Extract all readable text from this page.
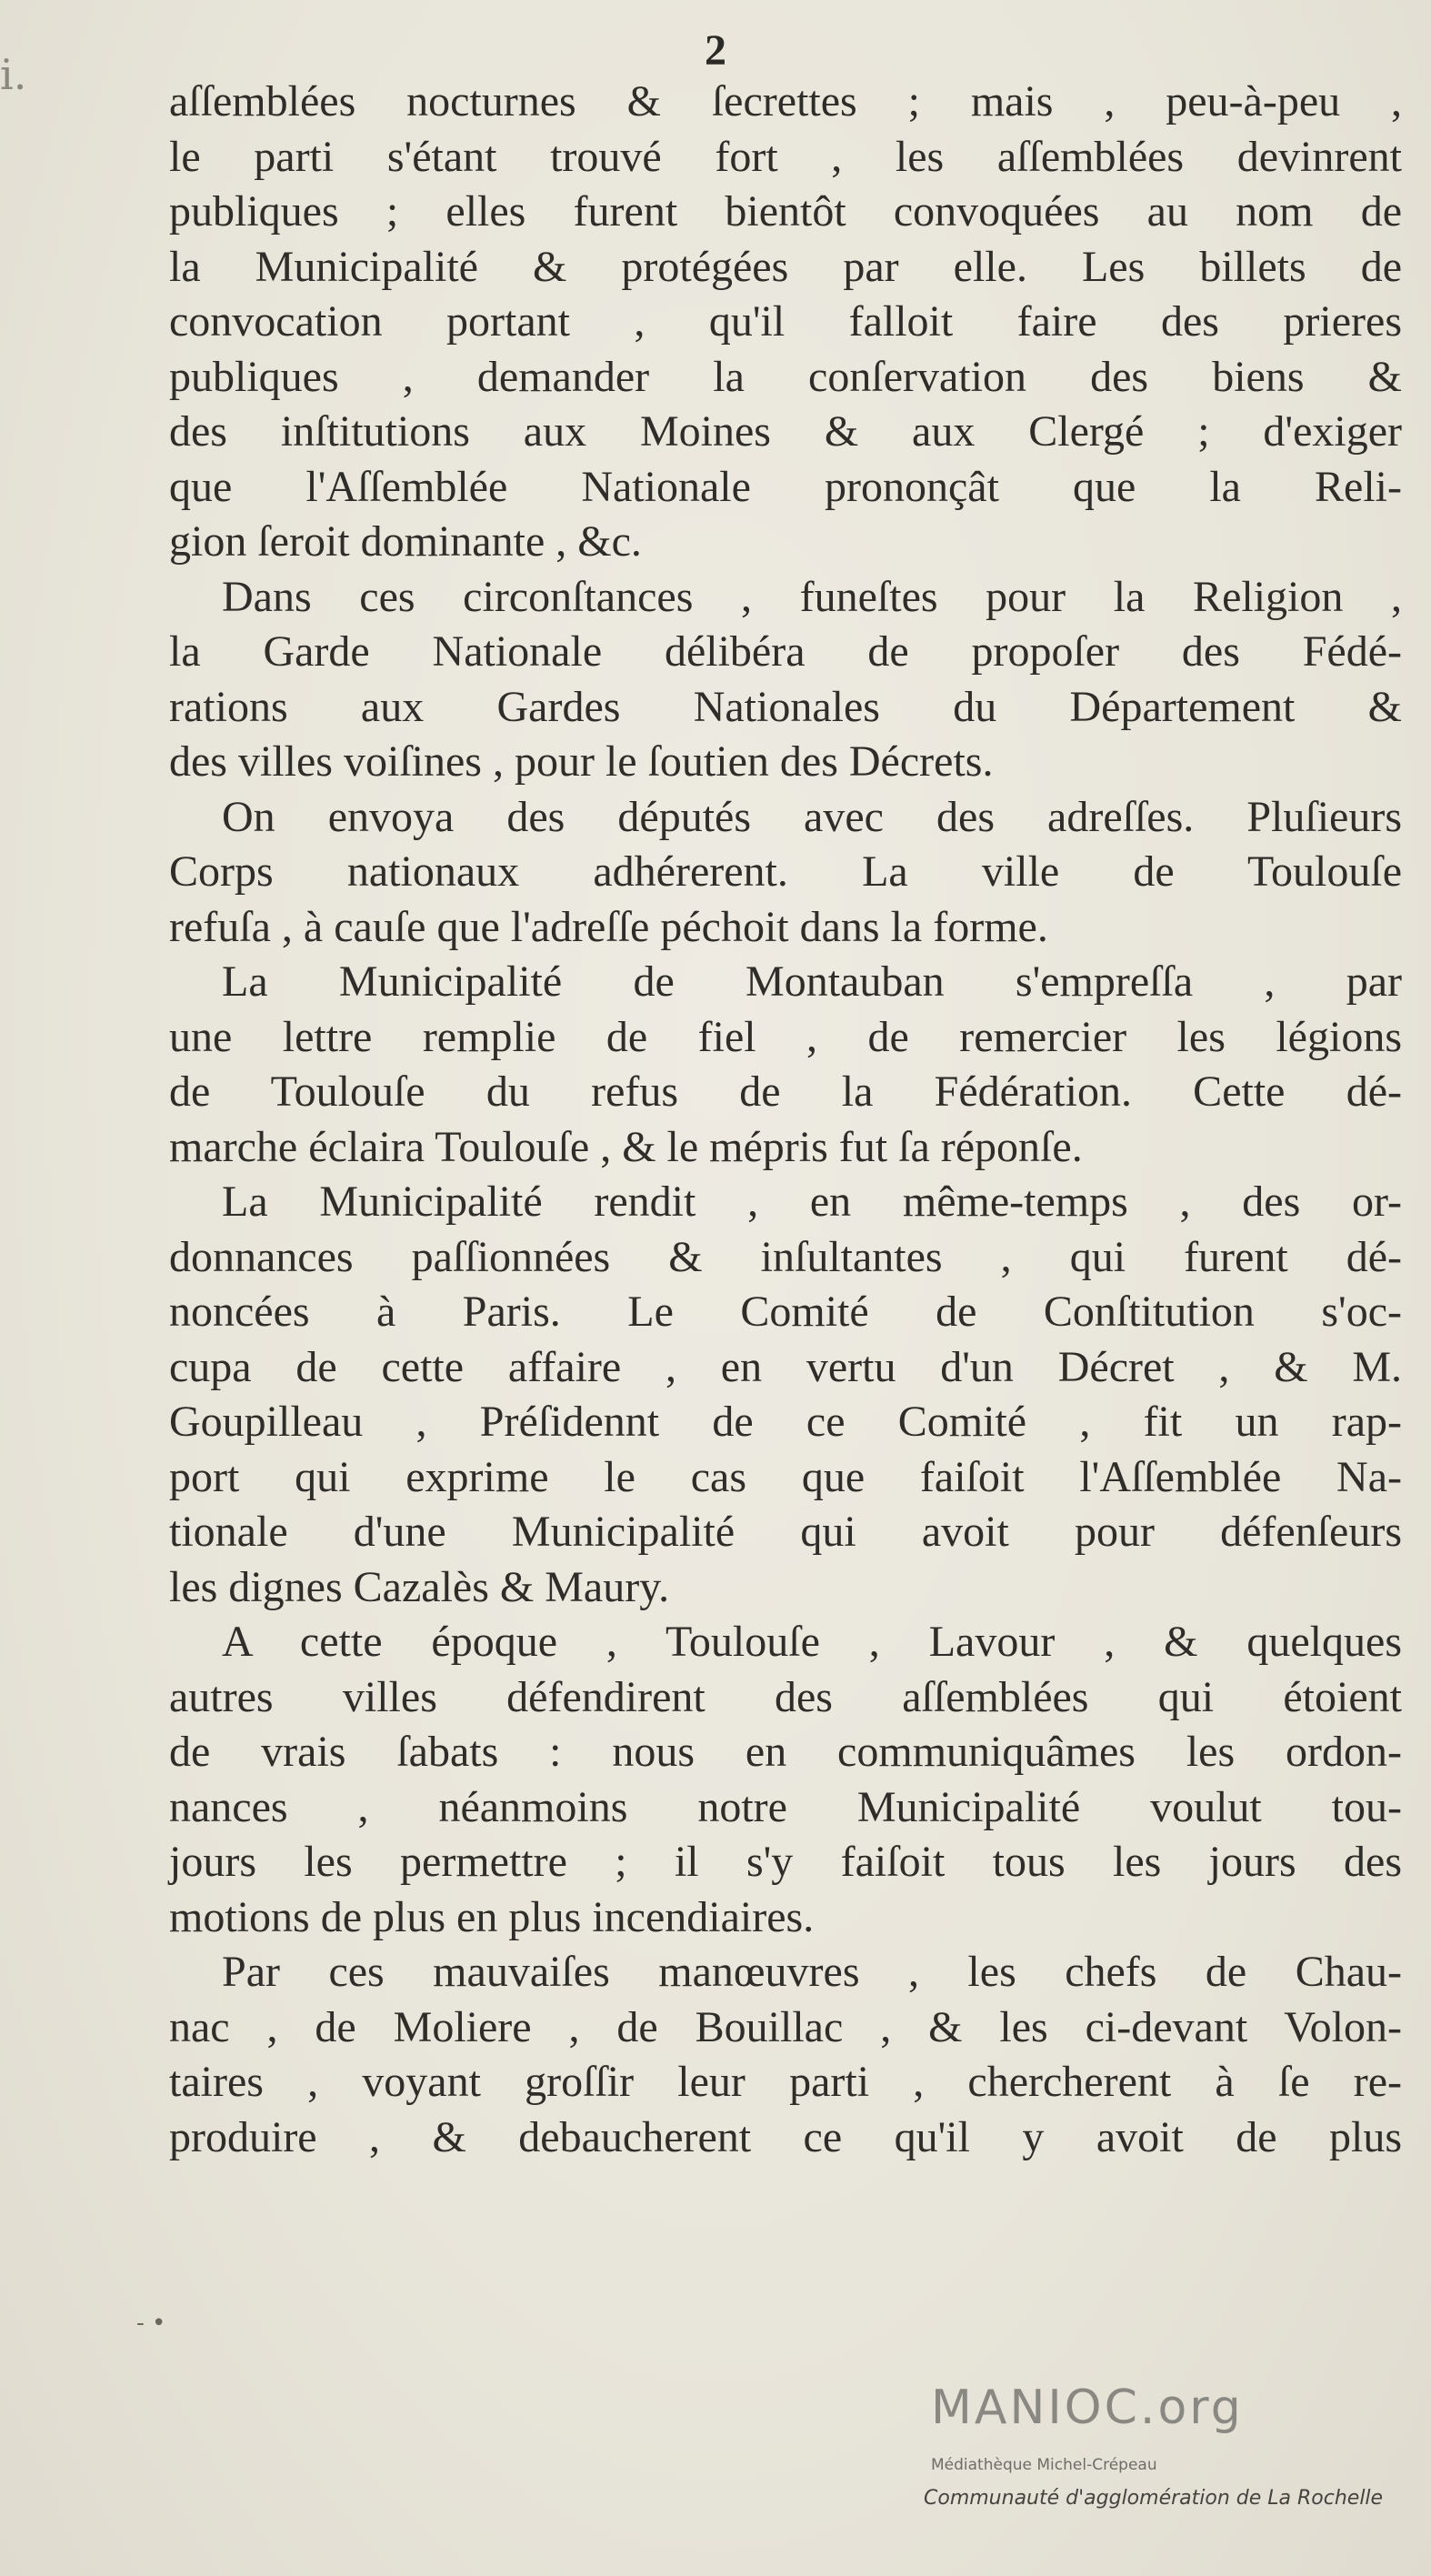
i.	2
aſſemblées nocturnes & ſecrettes ; mais , peu-à-peu ,
le parti s'étant trouvé fort , les aſſemblées devinrent
publiques ; elles furent bientôt convoquées au nom de
la Municipalité & protégées par elle. Les billets de
convocation portant , qu'il falloit faire des prieres
publiques , demander la conſervation des biens &
des inſtitutions aux Moines & aux Clergé ; d'exiger
que l'Aſſemblée Nationale prononçât que la Reli-
gion ſeroit dominante , &c.
Dans ces circonſtances , funeſtes pour la Religion ,
la Garde Nationale délibéra de propoſer des Fédé-
rations aux Gardes Nationales du Département &
des villes voiſines , pour le ſoutien des Décrets.
On envoya des députés avec des adreſſes. Pluſieurs
Corps nationaux adhérerent. La ville de Toulouſe
refuſa , à cauſe que l'adreſſe péchoit dans la forme.
La Municipalité de Montauban s'empreſſa , par
une lettre remplie de fiel , de remercier les légions
de Toulouſe du refus de la Fédération. Cette dé-
marche éclaira Toulouſe , & le mépris fut ſa réponſe.
La Municipalité rendit , en même-temps , des or-
donnances paſſionnées & inſultantes , qui furent dé-
noncées à Paris. Le Comité de Conſtitution s'oc-
cupa de cette affaire , en vertu d'un Décret , & M.
Goupilleau , Préſidennt de ce Comité , fit un rap-
port qui exprime le cas que faiſoit l'Aſſemblée Na-
tionale d'une Municipalité qui avoit pour défenſeurs
les dignes Cazalès & Maury.
A cette époque , Toulouſe , Lavour , & quelques
autres villes défendirent des aſſemblées qui étoient
de vrais ſabats : nous en communiquâmes les ordon-
nances , néanmoins notre Municipalité voulut tou-
jours les permettre ; il s'y faiſoit tous les jours des
motions de plus en plus incendiaires.
Par ces mauvaiſes manœuvres , les chefs de Chau-
nac , de Moliere , de Bouillac , & les ci-devant Volon-
taires , voyant groſſir leur parti , chercherent à ſe re-
produire , & debaucherent ce qu'il y avoit de plus
- •
MANIOC.org
Médiathèque Michel-Crépeau
Communauté d'agglomération de La Rochelle
